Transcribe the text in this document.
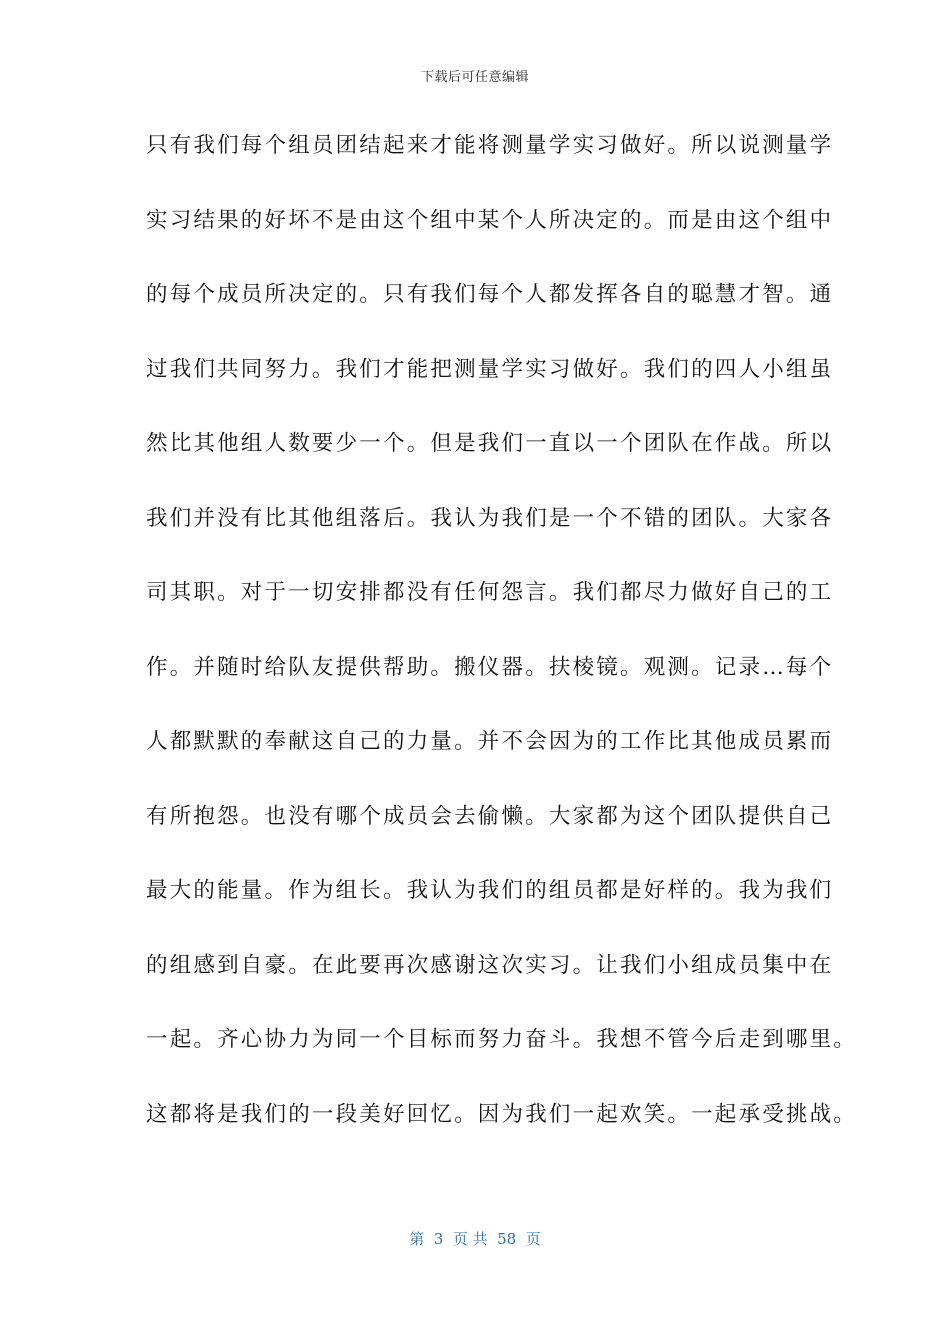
下载后可任意编辑
只有我们每个组员团结起来才能将测量学实习做好。所以说测量学
实习结果的好坏不是由这个组中某个人所决定的。而是由这个组中
的每个成员所决定的。只有我们每个人都发挥各自的聪慧才智。通
过我们共同努力。我们才能把测量学实习做好。我们的四人小组虽
然比其他组人数要少一个。但是我们一直以一个团队在作战。所以
我们并没有比其他组落后。我认为我们是一个不错的团队。大家各
司其职。对于一切安排都没有任何怨言。我们都尽力做好自己的工
作。并随时给队友提供帮助。搬仪器。扶棱镜。观测。记录…每个
人都默默的奉献这自己的力量。并不会因为的工作比其他成员累而
有所抱怨。也没有哪个成员会去偷懒。大家都为这个团队提供自己
最大的能量。作为组长。我认为我们的组员都是好样的。我为我们
的组感到自豪。在此要再次感谢这次实习。让我们小组成员集中在
一起。齐心协力为同一个目标而努力奋斗。我想不管今后走到哪里。
这都将是我们的一段美好回忆。因为我们一起欢笑。一起承受挑战。
第  3  页 共  58  页
